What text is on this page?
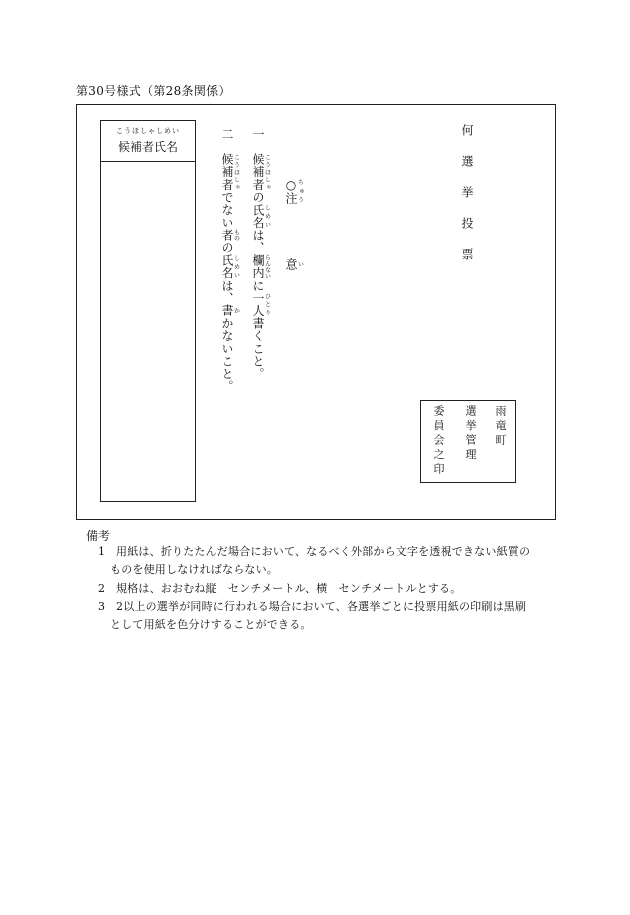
第30号様式（第28条関係）
こうほしゃしめい
候補者氏名	何選挙投票
○注ちゅう意い
一　候補者こうほしゃの氏名しめいは、欄内らんないに一人ひとり書くこと。
二　候補者こうほしゃでない者ものの氏名しめいは、書かかないこと。
雨竜町
選挙管理
委員会之印
備考
1 用紙は、折りたたんだ場合において、なるべく外部から文字を透視できない紙質の
ものを使用しなければならない。
2 規格は、おおむね縦　センチメートル、横　センチメートルとする。
3 2以上の選挙が同時に行われる場合において、各選挙ごとに投票用紙の印刷は黒刷
として用紙を色分けすることができる。
